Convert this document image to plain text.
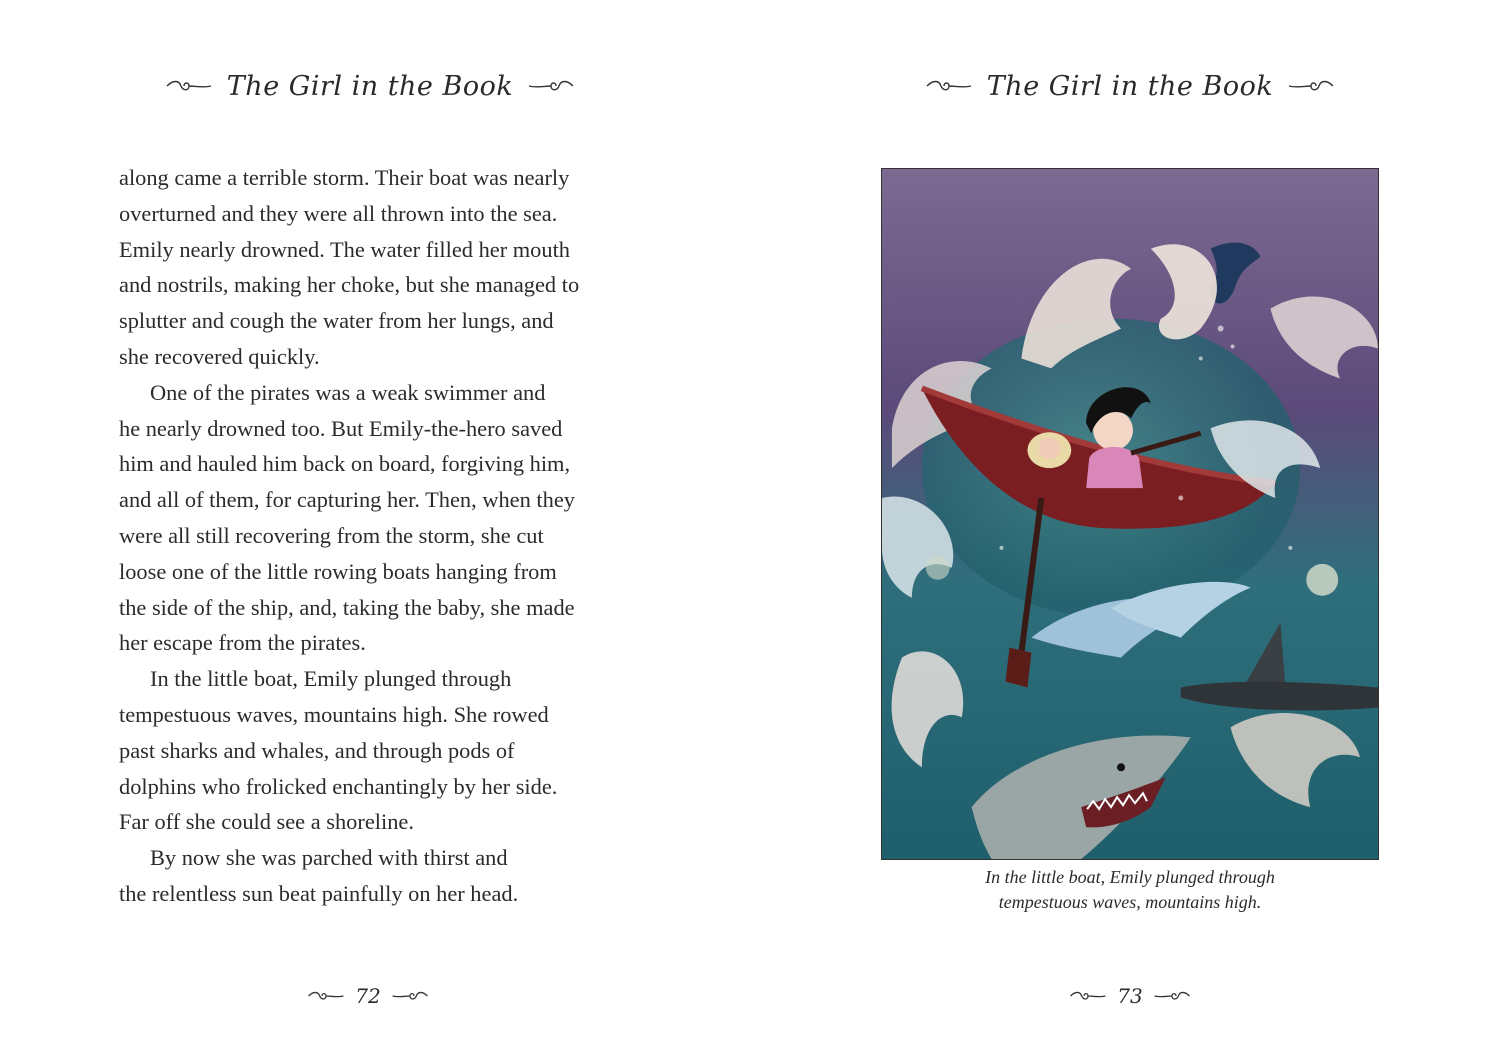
The Girl in the Book

along came a terrible storm. Their boat was nearly
overturned and they were all thrown into the sea.
Emily nearly drowned. The water filled her mouth
and nostrils, making her choke, but she managed to
splutter and cough the water from her lungs, and
she recovered quickly.
One of the pirates was a weak swimmer and
he nearly drowned too. But Emily-the-hero saved
him and hauled him back on board, forgiving him,
and all of them, for capturing her. Then, when they
were all still recovering from the storm, she cut
loose one of the little rowing boats hanging from
the side of the ship, and, taking the baby, she made
her escape from the pirates.
In the little boat, Emily plunged through
tempestuous waves, mountains high. She rowed
past sharks and whales, and through pods of
dolphins who frolicked enchantingly by her side.
Far off she could see a shoreline.
By now she was parched with thirst and
the relentless sun beat painfully on her head.

72
The Girl in the Book
73
In the little boat, Emily plunged through
tempestuous waves, mountains high.
